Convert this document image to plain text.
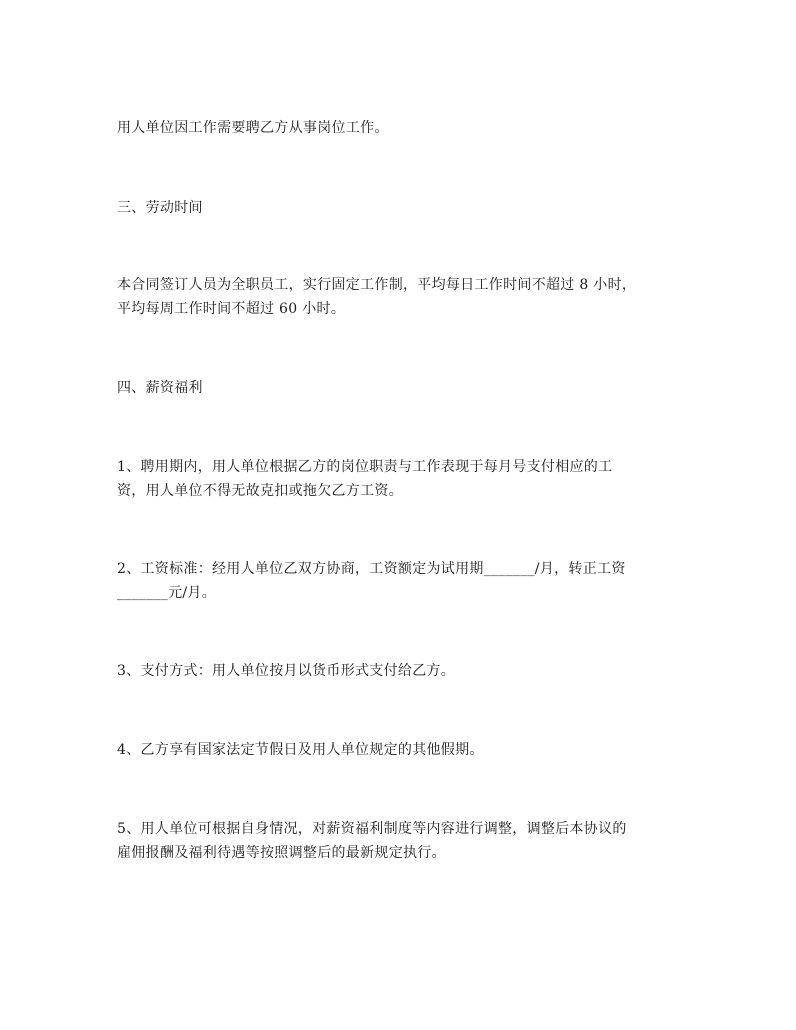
用人单位因工作需要聘乙方从事岗位工作。

三、劳动时间

本合同签订人员为全职员工，实行固定工作制，平均每日工作时间不超过 8 小时，
平均每周工作时间不超过 60 小时。

四、薪资福利

1、聘用期内，用人单位根据乙方的岗位职责与工作表现于每月号支付相应的工
资，用人单位不得无故克扣或拖欠乙方工资。

2、工资标准：经用人单位乙双方协商，工资额定为试用期_______/月，转正工资
_______元/月。

3、支付方式：用人单位按月以货币形式支付给乙方。

4、乙方享有国家法定节假日及用人单位规定的其他假期。

5、用人单位可根据自身情况，对薪资福利制度等内容进行调整，调整后本协议的
雇佣报酬及福利待遇等按照调整后的最新规定执行。
